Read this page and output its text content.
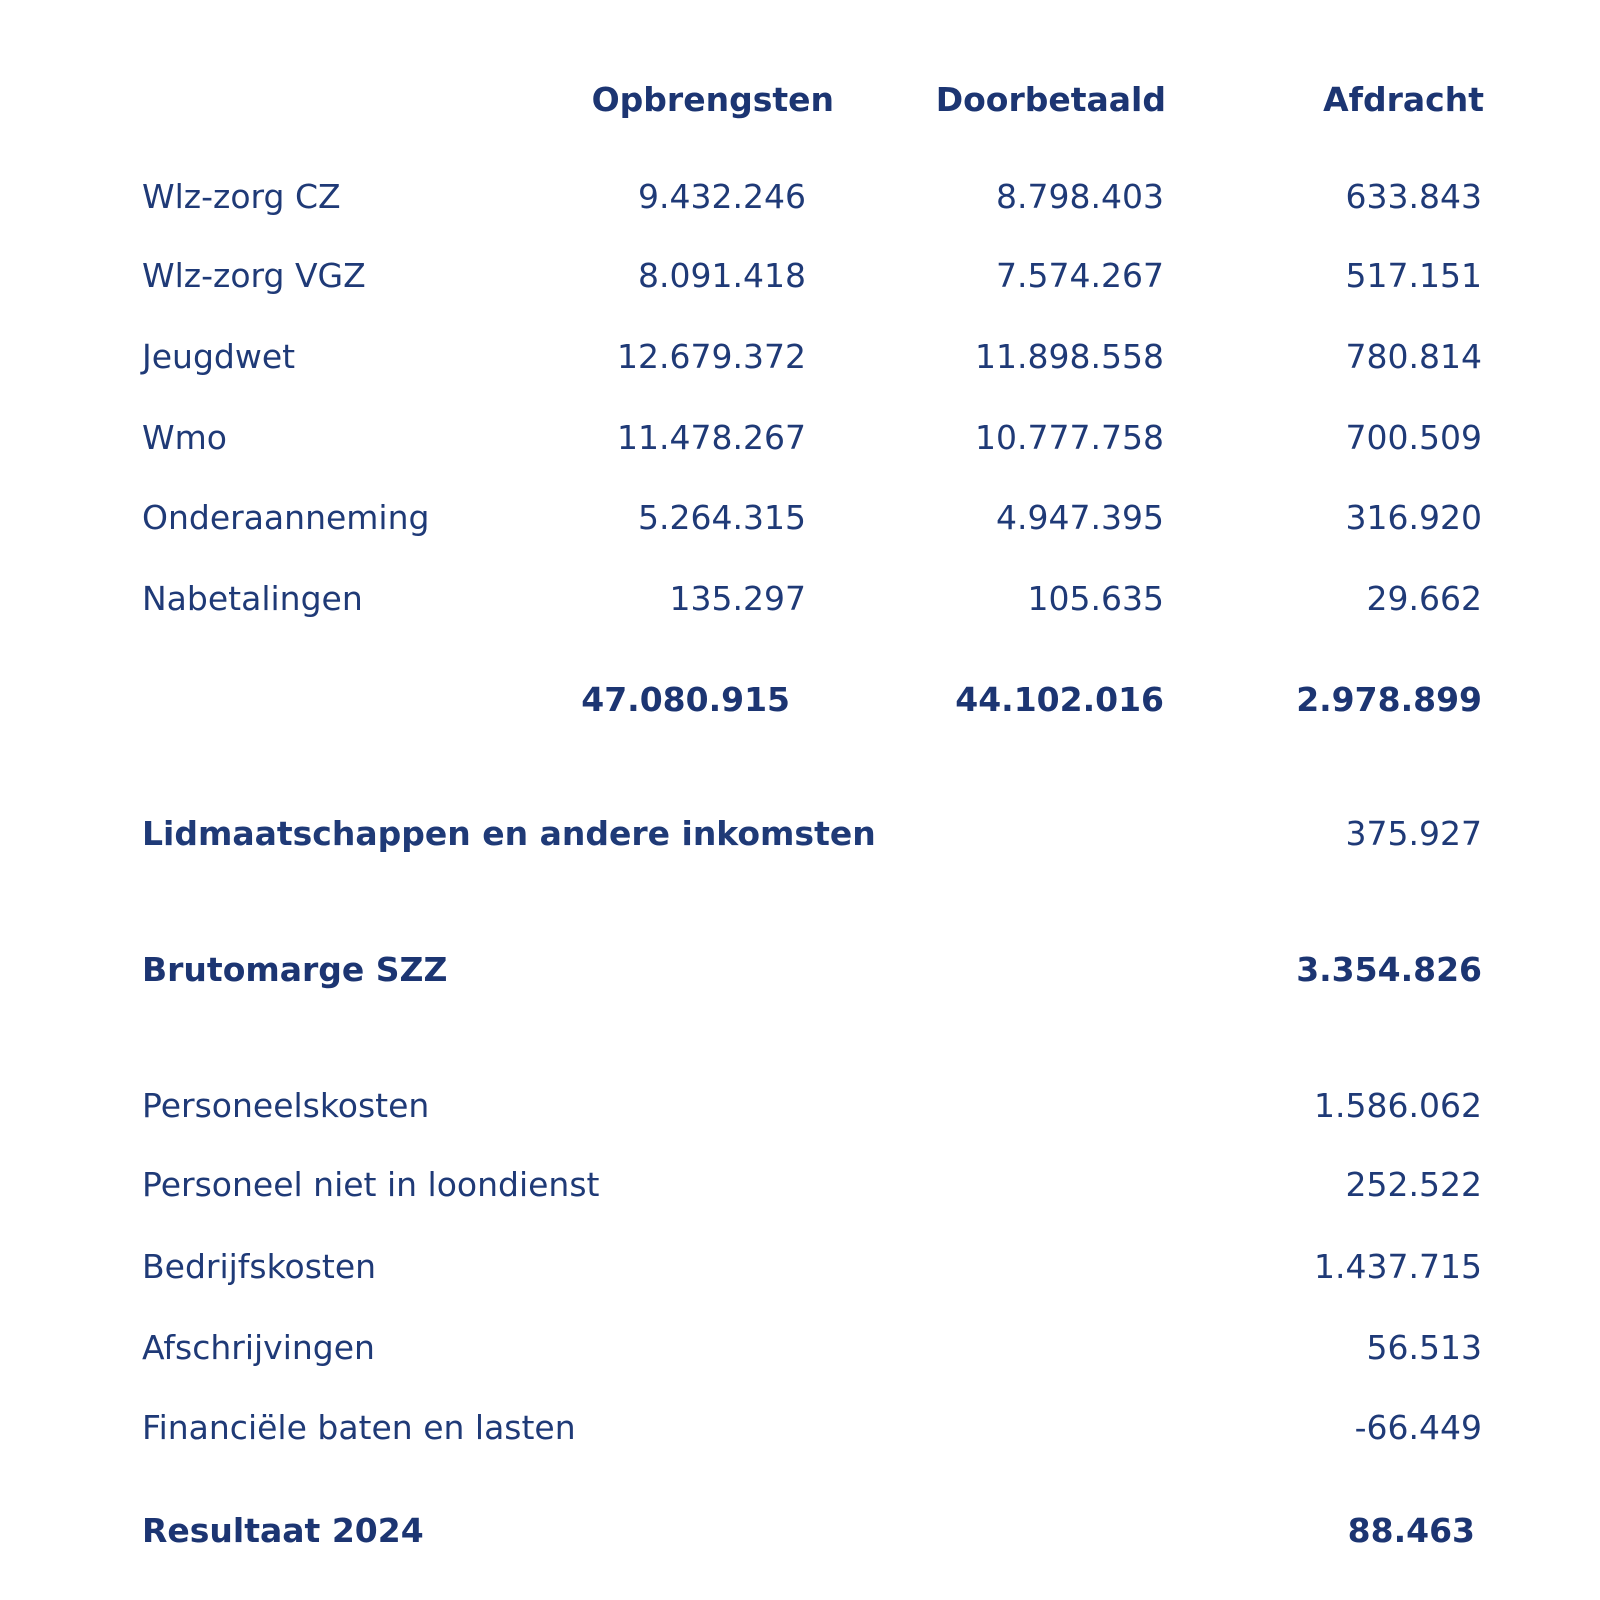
Opbrengsten	Doorbetaald	Afdracht
Wlz-zorg CZ	9.432.246	8.798.403	633.843
Wlz-zorg VGZ	8.091.418	7.574.267	517.151
Jeugdwet	12.679.372	11.898.558	780.814
Wmo	11.478.267	10.777.758	700.509
Onderaanneming	5.264.315	4.947.395	316.920
Nabetalingen	135.297	105.635	29.662
47.080.915	44.102.016	2.978.899
Lidmaatschappen en andere inkomsten	375.927
Brutomarge SZZ	3.354.826
Personeelskosten	1.586.062
Personeel niet in loondienst	252.522
Bedrijfskosten	1.437.715
Afschrijvingen	56.513
Financiële baten en lasten	-66.449
Resultaat 2024	88.463
